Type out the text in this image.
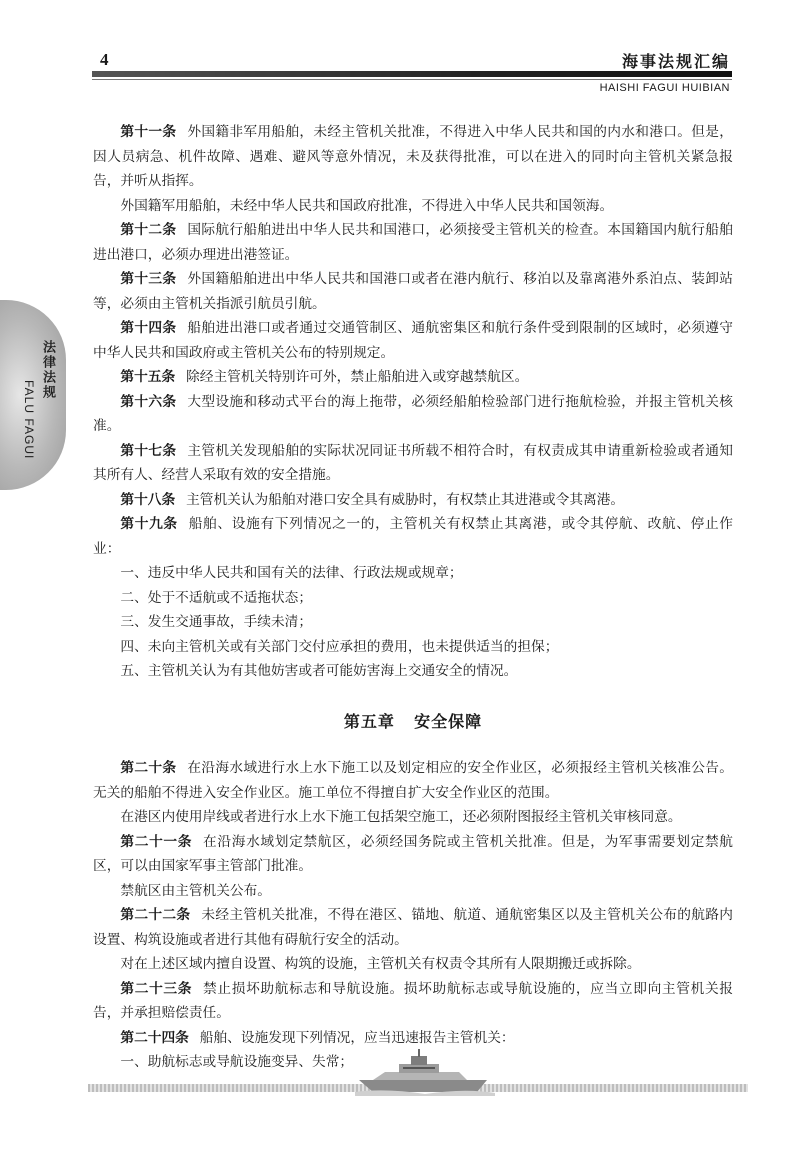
4	海事法规汇编
HAISHI FAGUI HUIBIAN
法律法规
FALU FAGUI

第十一条 外国籍非军用船舶，未经主管机关批准，不得进入中华人民共和国的内水和港口。但是，因人员病急、机件故障、遇难、避风等意外情况，未及获得批准，可以在进入的同时向主管机关紧急报告，并听从指挥。

外国籍军用船舶，未经中华人民共和国政府批准，不得进入中华人民共和国领海。

第十二条 国际航行船舶进出中华人民共和国港口，必须接受主管机关的检查。本国籍国内航行船舶进出港口，必须办理进出港签证。

第十三条 外国籍船舶进出中华人民共和国港口或者在港内航行、移泊以及靠离港外系泊点、装卸站等，必须由主管机关指派引航员引航。

第十四条 船舶进出港口或者通过交通管制区、通航密集区和航行条件受到限制的区域时，必须遵守中华人民共和国政府或主管机关公布的特别规定。

第十五条 除经主管机关特别许可外，禁止船舶进入或穿越禁航区。

第十六条 大型设施和移动式平台的海上拖带，必须经船舶检验部门进行拖航检验，并报主管机关核准。

第十七条 主管机关发现船舶的实际状况同证书所载不相符合时，有权责成其申请重新检验或者通知其所有人、经营人采取有效的安全措施。

第十八条 主管机关认为船舶对港口安全具有威胁时，有权禁止其进港或令其离港。

第十九条 船舶、设施有下列情况之一的，主管机关有权禁止其离港，或令其停航、改航、停止作业：

一、违反中华人民共和国有关的法律、行政法规或规章；

二、处于不适航或不适拖状态；

三、发生交通事故，手续未清；

四、未向主管机关或有关部门交付应承担的费用，也未提供适当的担保；

五、主管机关认为有其他妨害或者可能妨害海上交通安全的情况。

第五章 安全保障

第二十条 在沿海水域进行水上水下施工以及划定相应的安全作业区，必须报经主管机关核准公告。无关的船舶不得进入安全作业区。施工单位不得擅自扩大安全作业区的范围。

在港区内使用岸线或者进行水上水下施工包括架空施工，还必须附图报经主管机关审核同意。

第二十一条 在沿海水域划定禁航区，必须经国务院或主管机关批准。但是，为军事需要划定禁航区，可以由国家军事主管部门批准。

禁航区由主管机关公布。

第二十二条 未经主管机关批准，不得在港区、锚地、航道、通航密集区以及主管机关公布的航路内设置、构筑设施或者进行其他有碍航行安全的活动。

对在上述区域内擅自设置、构筑的设施，主管机关有权责令其所有人限期搬迁或拆除。

第二十三条 禁止损坏助航标志和导航设施。损坏助航标志或导航设施的，应当立即向主管机关报告，并承担赔偿责任。

第二十四条 船舶、设施发现下列情况，应当迅速报告主管机关：

一、助航标志或导航设施变异、失常；
